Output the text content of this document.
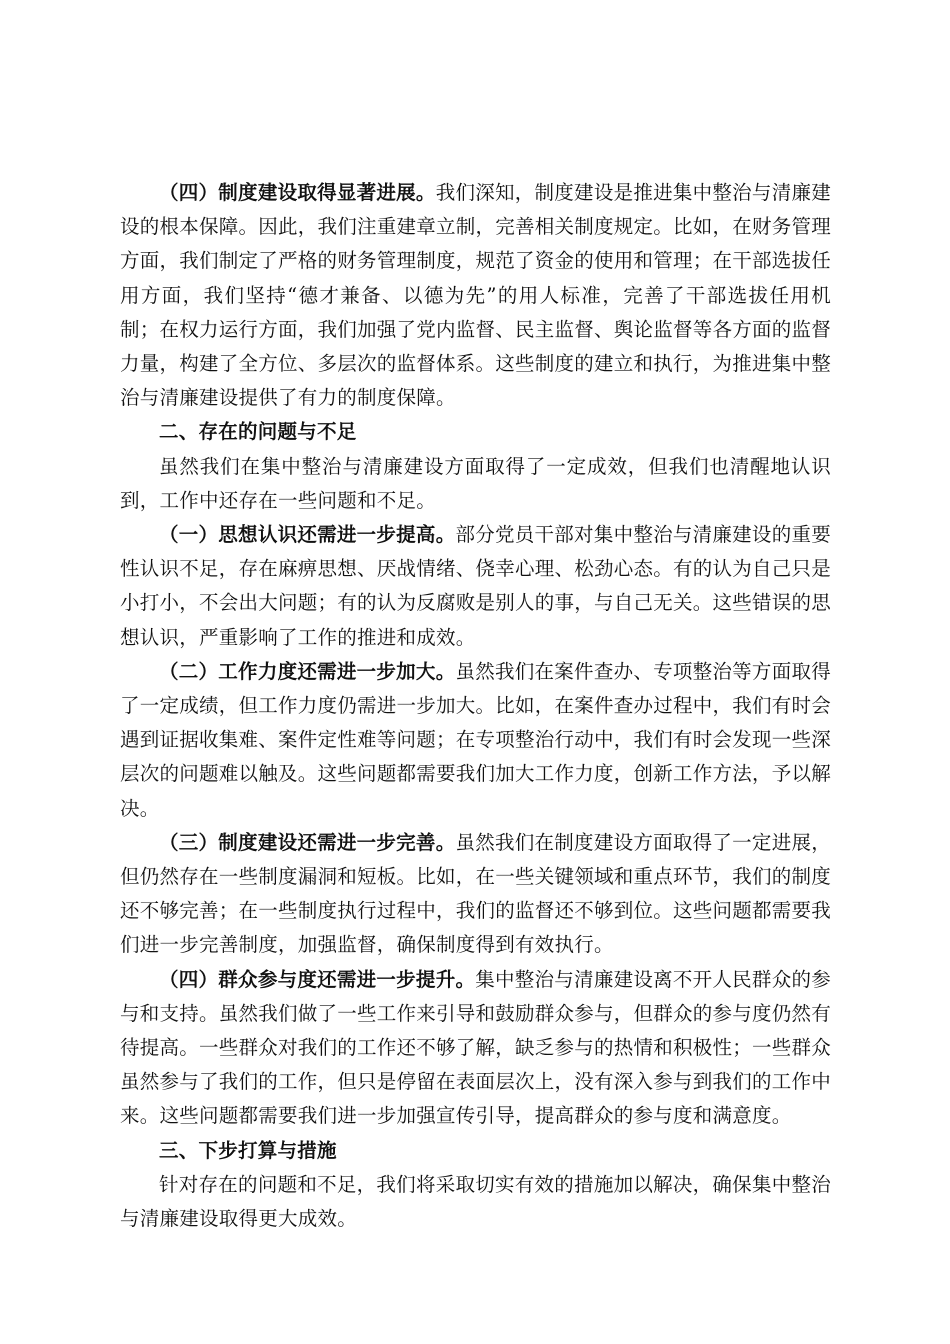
（四）制度建设取得显著进展。我们深知，制度建设是推进集中整治与清廉建设的根本保障。因此，我们注重建章立制，完善相关制度规定。比如，在财务管理方面，我们制定了严格的财务管理制度，规范了资金的使用和管理；在干部选拔任用方面，我们坚持“德才兼备、以德为先”的用人标准，完善了干部选拔任用机制；在权力运行方面，我们加强了党内监督、民主监督、舆论监督等各方面的监督力量，构建了全方位、多层次的监督体系。这些制度的建立和执行，为推进集中整治与清廉建设提供了有力的制度保障。

二、存在的问题与不足

虽然我们在集中整治与清廉建设方面取得了一定成效，但我们也清醒地认识到，工作中还存在一些问题和不足。

（一）思想认识还需进一步提高。部分党员干部对集中整治与清廉建设的重要性认识不足，存在麻痹思想、厌战情绪、侥幸心理、松劲心态。有的认为自己只是小打小，不会出大问题；有的认为反腐败是别人的事，与自己无关。这些错误的思想认识，严重影响了工作的推进和成效。

（二）工作力度还需进一步加大。虽然我们在案件查办、专项整治等方面取得了一定成绩，但工作力度仍需进一步加大。比如，在案件查办过程中，我们有时会遇到证据收集难、案件定性难等问题；在专项整治行动中，我们有时会发现一些深层次的问题难以触及。这些问题都需要我们加大工作力度，创新工作方法，予以解决。

（三）制度建设还需进一步完善。虽然我们在制度建设方面取得了一定进展，但仍然存在一些制度漏洞和短板。比如，在一些关键领域和重点环节，我们的制度还不够完善；在一些制度执行过程中，我们的监督还不够到位。这些问题都需要我们进一步完善制度，加强监督，确保制度得到有效执行。

（四）群众参与度还需进一步提升。集中整治与清廉建设离不开人民群众的参与和支持。虽然我们做了一些工作来引导和鼓励群众参与，但群众的参与度仍然有待提高。一些群众对我们的工作还不够了解，缺乏参与的热情和积极性；一些群众虽然参与了我们的工作，但只是停留在表面层次上，没有深入参与到我们的工作中来。这些问题都需要我们进一步加强宣传引导，提高群众的参与度和满意度。

三、下步打算与措施

针对存在的问题和不足，我们将采取切实有效的措施加以解决，确保集中整治与清廉建设取得更大成效。
